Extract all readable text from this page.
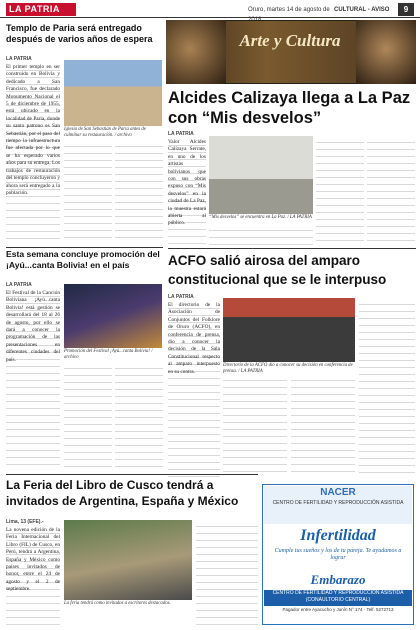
LA PATRIA	Oruro, martes 14 de agosto de CULTURAL - AVISO	9
Arte y Cultura
Templo de Paria será entregado después de varios años de espera
LA PATRIA
El primer templo en ser construido en Bolivia y dedicado a San Francisco, fue declarado Monumento Nacional el 5 de diciembre de 1955, está ubicado en la localidad de Paria, donde su santo patrono es San Sebastián, por el paso del tiempo la infraestructura fue afectada por lo que se ha esperado varios años para su entrega. Los trabajos de restauración del templo concluyeron y ahora será entregado a la población.
Iglesia de San Sebastián de Paria antes de culminar su restauración. / archivo
Esta semana concluye promoción del ¡Ayú...canta Bolivia! en el país
LA PATRIA
El Festival de la Canción Boliviana ¡Ayú...canta Bolivia! está gestión se desarrollará del 18 al 26 de agosto, por ello se dará a conocer la programación de las presentaciones en diferentes ciudades del país.
Promoción del Festival ¡Ayú...canta Bolivia! / archivo
Alcides Calizaya llega a La Paz con “Mis desvelos”
LA PATRIA
Valor Alcides Calizaya Serrate, en uno de los artistas bolivianos que con sus obras expuso con “Mis desvelos” en la ciudad de La Paz, la muestra estará abierta al público.
“Mis desvelos” se encuentra en La Paz. / LA PATRIA
ACFO salió airosa del amparo constitucional que se le interpuso
LA PATRIA
El directorio de la Asociación de Conjuntos del Folklore de Oruro (ACFO), en conferencia de prensa, dio a conocer la decisión de la Sala Constitucional respecto al amparo interpuesto en su contra.
Directorio de la ACFO dio a conocer su decisión en conferencia de prensa. / LA PATRIA
La Feria del Libro de Cusco tendrá a invitados de Argentina, España y México
Lima, 13 (EFE).-
La novena edición de la Feria Internacional del Libro (FIL) de Cusco, en Perú, tendrá a Argentina, España y México como países invitados de honor, entre el 24 de agosto y el 2 de septiembre.
La feria tendrá como invitados a escritores destacados.
NACER
CENTRO DE FERTILIDAD Y REPRODUCCIÓN ASISTIDA
Infertilidad
Cumple tus sueños y los de tu pareja. Te ayudamos a lograr
Embarazo
CENTRO DE FERTILIDAD Y REPRODUCCIÓN ASISTIDA (CONAULTORIO CENTRAL)
Pagador entre Ayacucho y Junín N° 174 · Telf. 5272713
